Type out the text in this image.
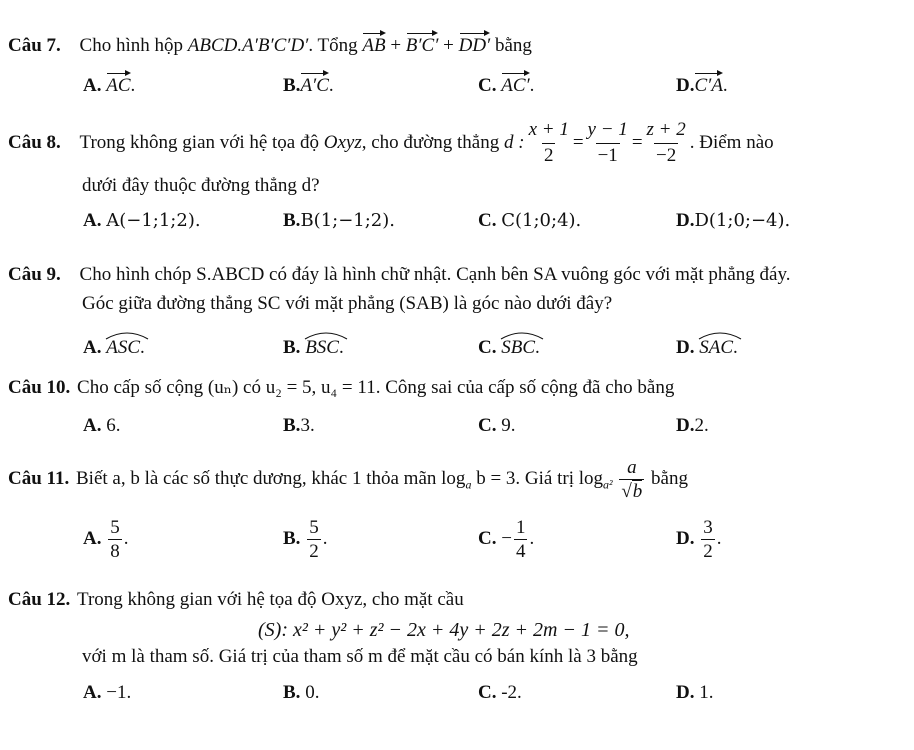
Câu 7. Cho hình hộp ABCD.A′B′C′D′. Tổng AB + B′C′ + DD′ bằng
A. AC.	B.A′C.	C. AC′.	D.C′A.
Câu 8. Trong không gian với hệ tọa độ Oxyz, cho đường thẳng d : $\frac{x + 1}{2} = \frac{y - 1}{-1} = \frac{z + 2}{-2}$ . Điểm nào
dưới đây thuộc đường thẳng d?
A. A(−1;1;2).	B.B(1;−1;2).	C. C(1;0;4).	D.D(1;0;−4).
Câu 9. Cho hình chóp S.ABCD có đáy là hình chữ nhật. Cạnh bên SA vuông góc với mặt phẳng đáy.
Góc giữa đường thẳng SC với mặt phẳng (SAB) là góc nào dưới đây?
A. ASC.	B. BSC.	C. SBC.	D. SAC.
Câu 10. Cho cấp số cộng (uₙ) có u₂ = 5, u₄ = 11. Công sai của cấp số cộng đã cho bằng
A. 6.	B.3.	C. 9.	D.2.
Câu 11. Biết a, b là các số thực dương, khác 1 thỏa mãn $\log_a b = 3$. Giá trị $\log_{a^2} \frac{a}{√b}$ bằng
A. $\frac{5}{8}$ .	B. $\frac{5}{2}$ .	C. − $\frac{1}{4}$ .	D. $\frac{3}{2}$ .
Câu 12. Trong không gian với hệ tọa độ Oxyz, cho mặt cầu
(S): x² + y² + z² − 2x + 4y + 2z + 2m − 1 = 0,
với m là tham số. Giá trị của tham số m để mặt cầu có bán kính là 3 bằng
A. −1.	B. 0.	C. -2.	D. 1.
